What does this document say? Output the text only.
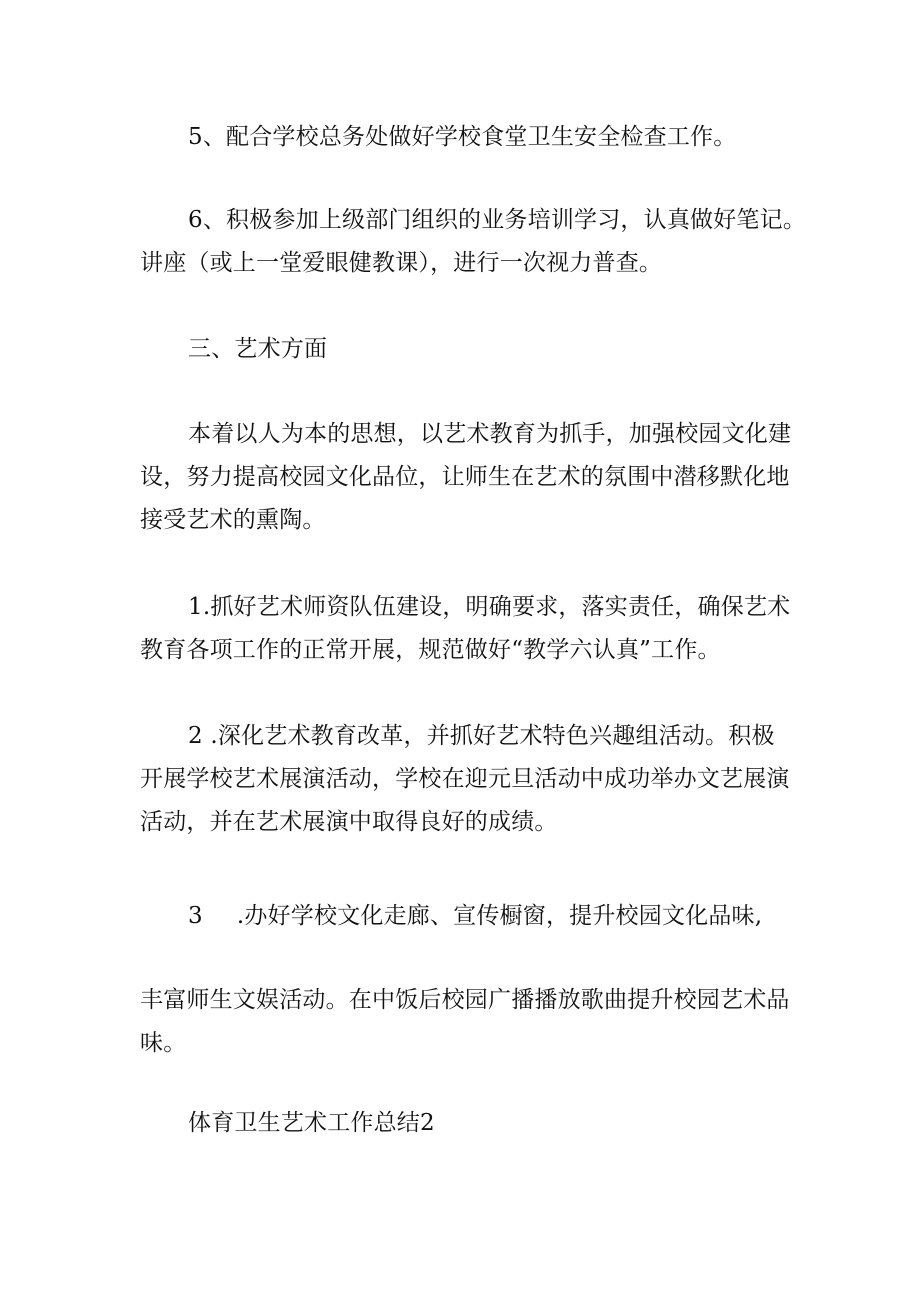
5、配合学校总务处做好学校食堂卫生安全检查工作。
6、积极参加上级部门组织的业务培训学习，认真做好笔记。
讲座（或上一堂爱眼健教课），进行一次视力普查。
三、艺术方面
本着以人为本的思想，以艺术教育为抓手，加强校园文化建
设，努力提高校园文化品位，让师生在艺术的氛围中潜移默化地
接受艺术的熏陶。
1.抓好艺术师资队伍建设，明确要求，落实责任，确保艺术
教育各项工作的正常开展，规范做好“教学六认真”工作。
2 .深化艺术教育改革，并抓好艺术特色兴趣组活动。积极
开展学校艺术展演活动，学校在迎元旦活动中成功举办文艺展演
活动，并在艺术展演中取得良好的成绩。
3 .办好学校文化走廊、宣传橱窗，提升校园文化品味,
丰富师生文娱活动。在中饭后校园广播播放歌曲提升校园艺术品
味。
体育卫生艺术工作总结2
